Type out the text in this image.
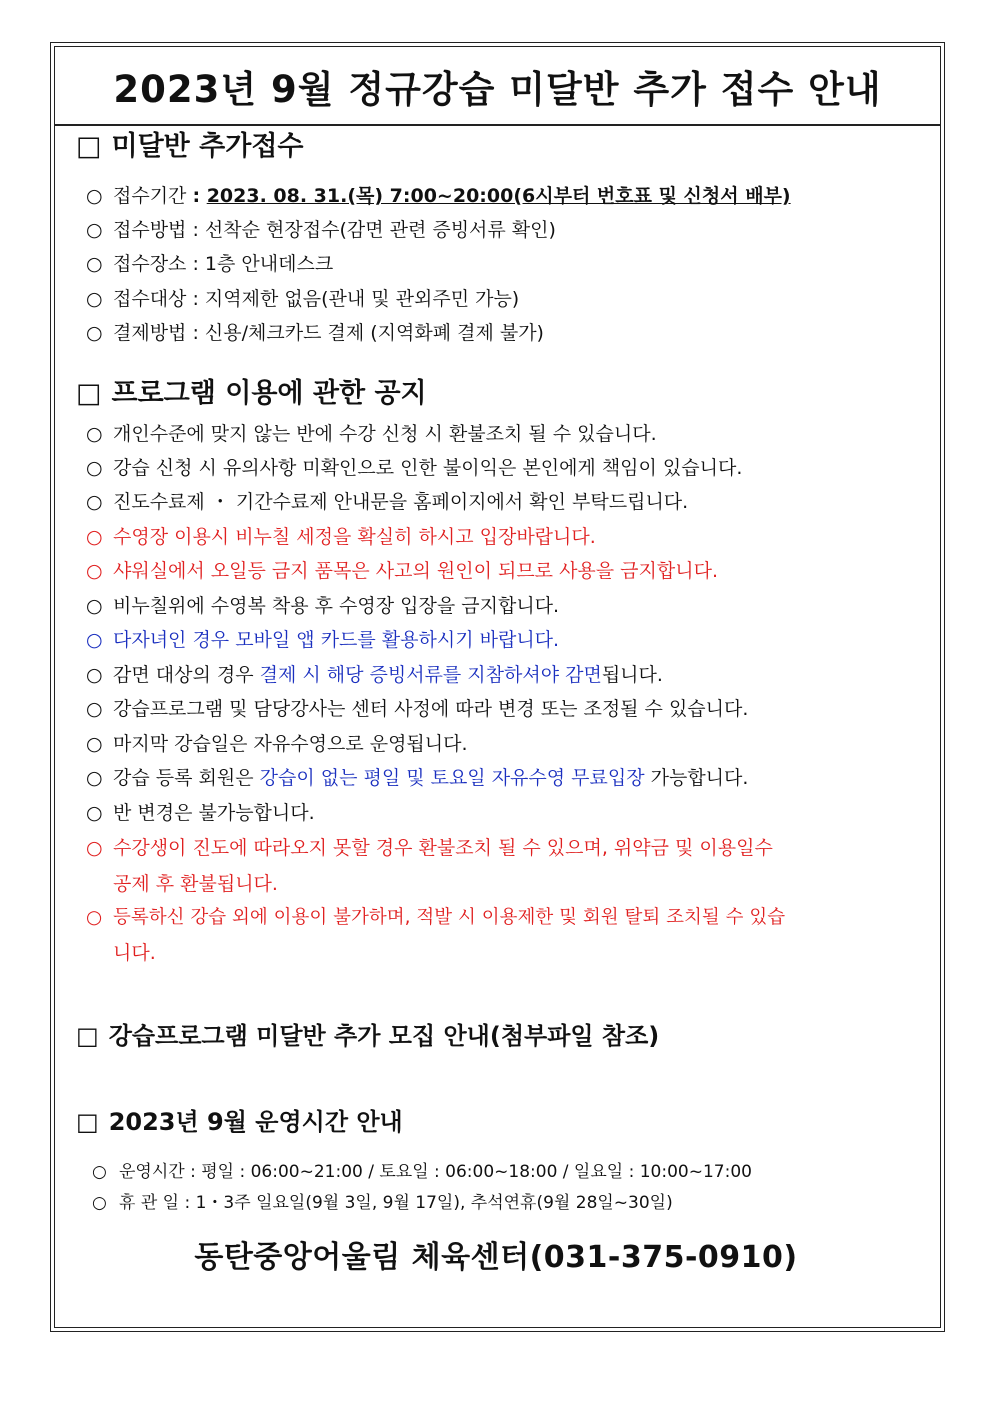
2023년 9월 정규강습 미달반 추가 접수 안내
□ 미달반 추가접수
○ 접수기간 : 2023. 08. 31.(목) 7:00~20:00(6시부터 번호표 및 신청서 배부)
○ 접수방법 : 선착순 현장접수(감면 관련 증빙서류 확인)
○ 접수장소 : 1층 안내데스크
○ 접수대상 : 지역제한 없음(관내 및 관외주민 가능)
○ 결제방법 : 신용/체크카드 결제 (지역화폐 결제 불가)
□ 프로그램 이용에 관한 공지
○ 개인수준에 맞지 않는 반에 수강 신청 시 환불조치 될 수 있습니다.
○ 강습 신청 시 유의사항 미확인으로 인한 불이익은 본인에게 책임이 있습니다.
○ 진도수료제 ・ 기간수료제 안내문을 홈페이지에서 확인 부탁드립니다.
○ 수영장 이용시 비누칠 세정을 확실히 하시고 입장바랍니다.
○ 샤워실에서 오일등 금지 품목은 사고의 원인이 되므로 사용을 금지합니다.
○ 비누칠위에 수영복 착용 후 수영장 입장을 금지합니다.
○ 다자녀인 경우 모바일 앱 카드를 활용하시기 바랍니다.
○ 감면 대상의 경우 결제 시 해당 증빙서류를 지참하셔야 감면됩니다.
○ 강습프로그램 및 담당강사는 센터 사정에 따라 변경 또는 조정될 수 있습니다.
○ 마지막 강습일은 자유수영으로 운영됩니다.
○ 강습 등록 회원은 강습이 없는 평일 및 토요일 자유수영 무료입장 가능합니다.
○ 반 변경은 불가능합니다.
○ 수강생이 진도에 따라오지 못할 경우 환불조치 될 수 있으며, 위약금 및 이용일수
공제 후 환불됩니다.
○ 등록하신 강습 외에 이용이 불가하며, 적발 시 이용제한 및 회원 탈퇴 조치될 수 있습
니다.
□ 강습프로그램 미달반 추가 모집 안내(첨부파일 참조)
□ 2023년 9월 운영시간 안내
○ 운영시간 : 평일 : 06:00~21:00 / 토요일 : 06:00~18:00 / 일요일 : 10:00~17:00
○ 휴 관 일 : 1・3주 일요일(9월 3일, 9월 17일), 추석연휴(9월 28일~30일)
동탄중앙어울림 체육센터(031-375-0910)
